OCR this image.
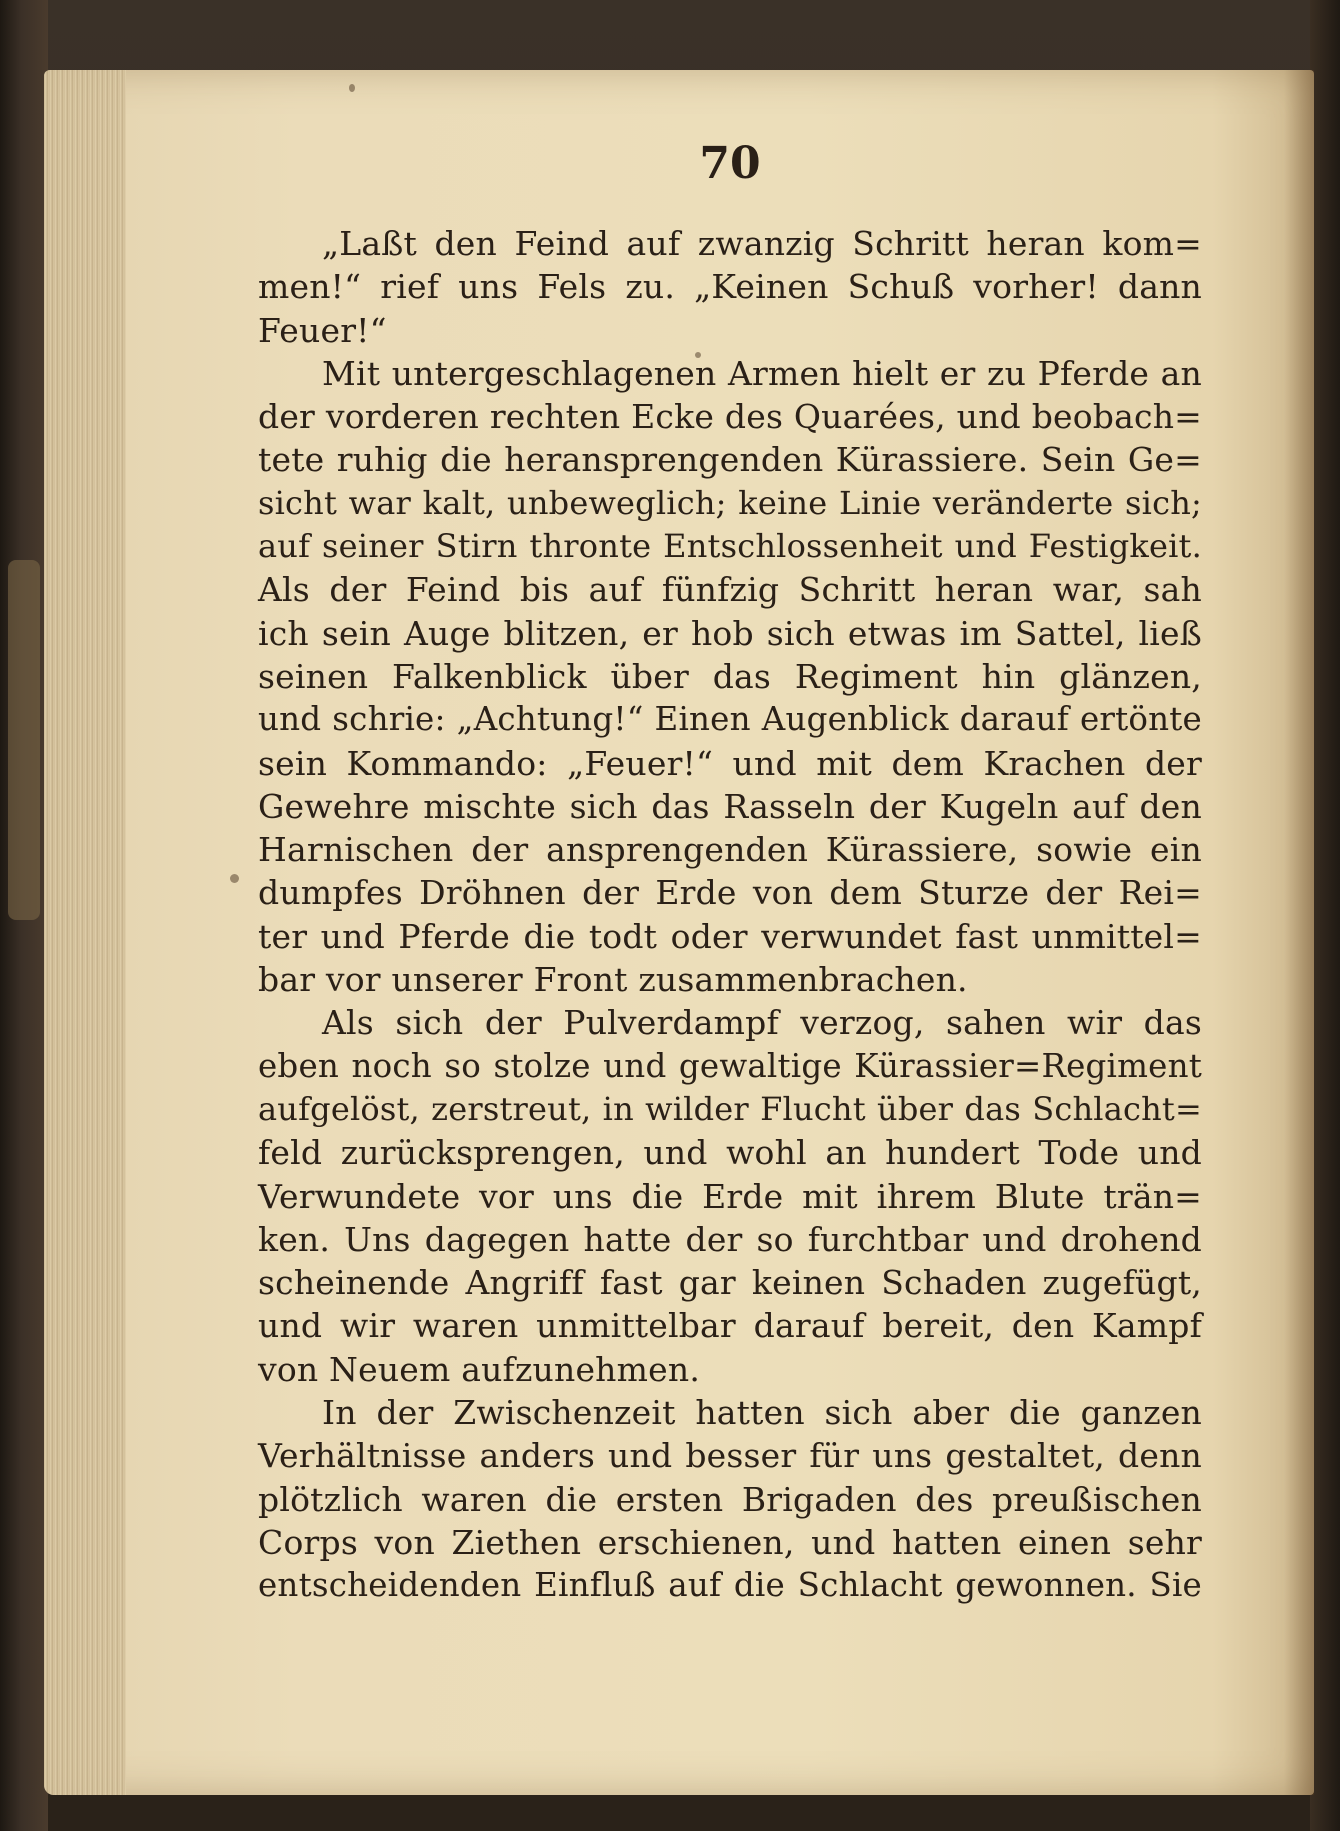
70
„Laßt den Feind auf zwanzig Schritt heran kom=
men!“ rief uns Fels zu. „Keinen Schuß vorher! dann
Feuer!“
Mit untergeschlagenen Armen hielt er zu Pferde an
der vorderen rechten Ecke des Quarées, und beobach=
tete ruhig die heransprengenden Kürassiere. Sein Ge=
sicht war kalt, unbeweglich; keine Linie veränderte sich;
auf seiner Stirn thronte Entschlossenheit und Festigkeit.
Als der Feind bis auf fünfzig Schritt heran war, sah
ich sein Auge blitzen, er hob sich etwas im Sattel, ließ
seinen Falkenblick über das Regiment hin glänzen,
und schrie: „Achtung!“ Einen Augenblick darauf ertönte
sein Kommando: „Feuer!“ und mit dem Krachen der
Gewehre mischte sich das Rasseln der Kugeln auf den
Harnischen der ansprengenden Kürassiere, sowie ein
dumpfes Dröhnen der Erde von dem Sturze der Rei=
ter und Pferde die todt oder verwundet fast unmittel=
bar vor unserer Front zusammenbrachen.
Als sich der Pulverdampf verzog, sahen wir das
eben noch so stolze und gewaltige Kürassier=Regiment
aufgelöst, zerstreut, in wilder Flucht über das Schlacht=
feld zurücksprengen, und wohl an hundert Tode und
Verwundete vor uns die Erde mit ihrem Blute trän=
ken. Uns dagegen hatte der so furchtbar und drohend
scheinende Angriff fast gar keinen Schaden zugefügt,
und wir waren unmittelbar darauf bereit, den Kampf
von Neuem aufzunehmen.
In der Zwischenzeit hatten sich aber die ganzen
Verhältnisse anders und besser für uns gestaltet, denn
plötzlich waren die ersten Brigaden des preußischen
Corps von Ziethen erschienen, und hatten einen sehr
entscheidenden Einfluß auf die Schlacht gewonnen. Sie
